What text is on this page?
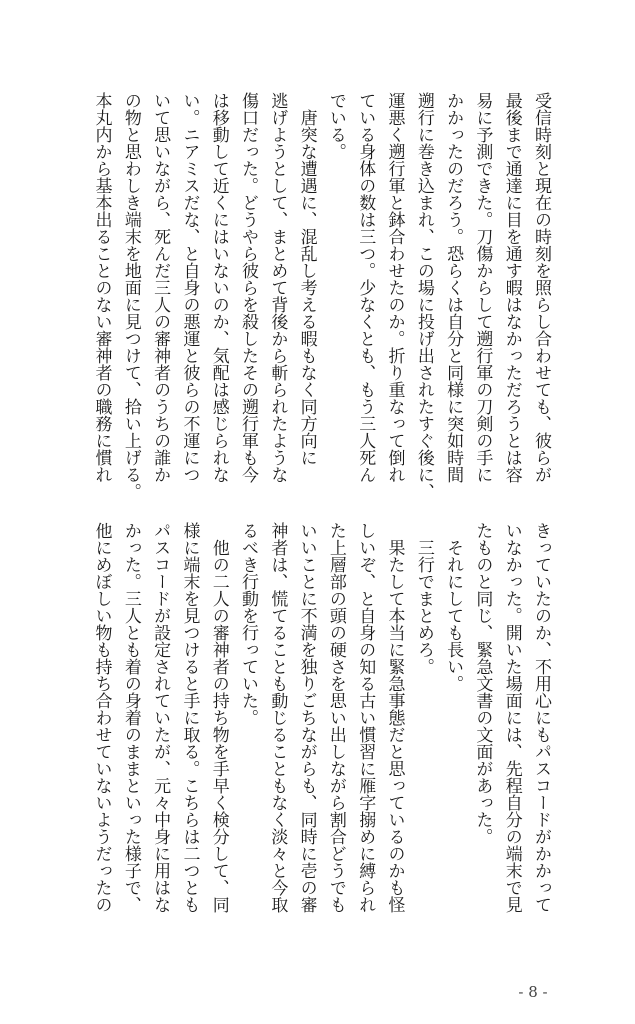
受信時刻と現在の時刻を照らし合わせても、彼らが
最後まで通達に目を通す暇はなかっただろうとは容
易に予測できた。刀傷からして遡行軍の刀剣の手に
かかったのだろう。恐らくは自分と同様に突如時間
遡行に巻き込まれ、この場に投げ出されたすぐ後に、
運悪く遡行軍と鉢合わせたのか。折り重なって倒れ
ている身体の数は三つ。少なくとも、もう三人死ん
でいる。
　唐突な遭遇に、混乱し考える暇もなく同方向に
逃げようとして、まとめて背後から斬られたような
傷口だった。どうやら彼らを殺したその遡行軍も今
は移動して近くにはいないのか、気配は感じられな
い。ニアミスだな、と自身の悪運と彼らの不運につ
いて思いながら、死んだ三人の審神者のうちの誰か
の物と思わしき端末を地面に見つけて、拾い上げる。
本丸内から基本出ることのない審神者の職務に慣れ
きっていたのか、不用心にもパスコードがかかって
いなかった。開いた場面には、先程自分の端末で見
たものと同じ、緊急文書の文面があった。
　それにしても長い。
　三行でまとめろ。
　果たして本当に緊急事態だと思っているのかも怪
しいぞ、と自身の知る古い慣習に雁字搦めに縛られ
た上層部の頭の硬さを思い出しながら割合どうでも
いいことに不満を独りごちながらも、同時に壱の審
神者は、慌てることも動じることもなく淡々と今取
るべき行動を行っていた。
　他の二人の審神者の持ち物を手早く検分して、同
様に端末を見つけると手に取る。こちらは二つとも
パスコードが設定されていたが、元々中身に用はな
かった。三人とも着の身着のままといった様子で、
他にめぼしい物も持ち合わせていないようだったの
- 8 -
